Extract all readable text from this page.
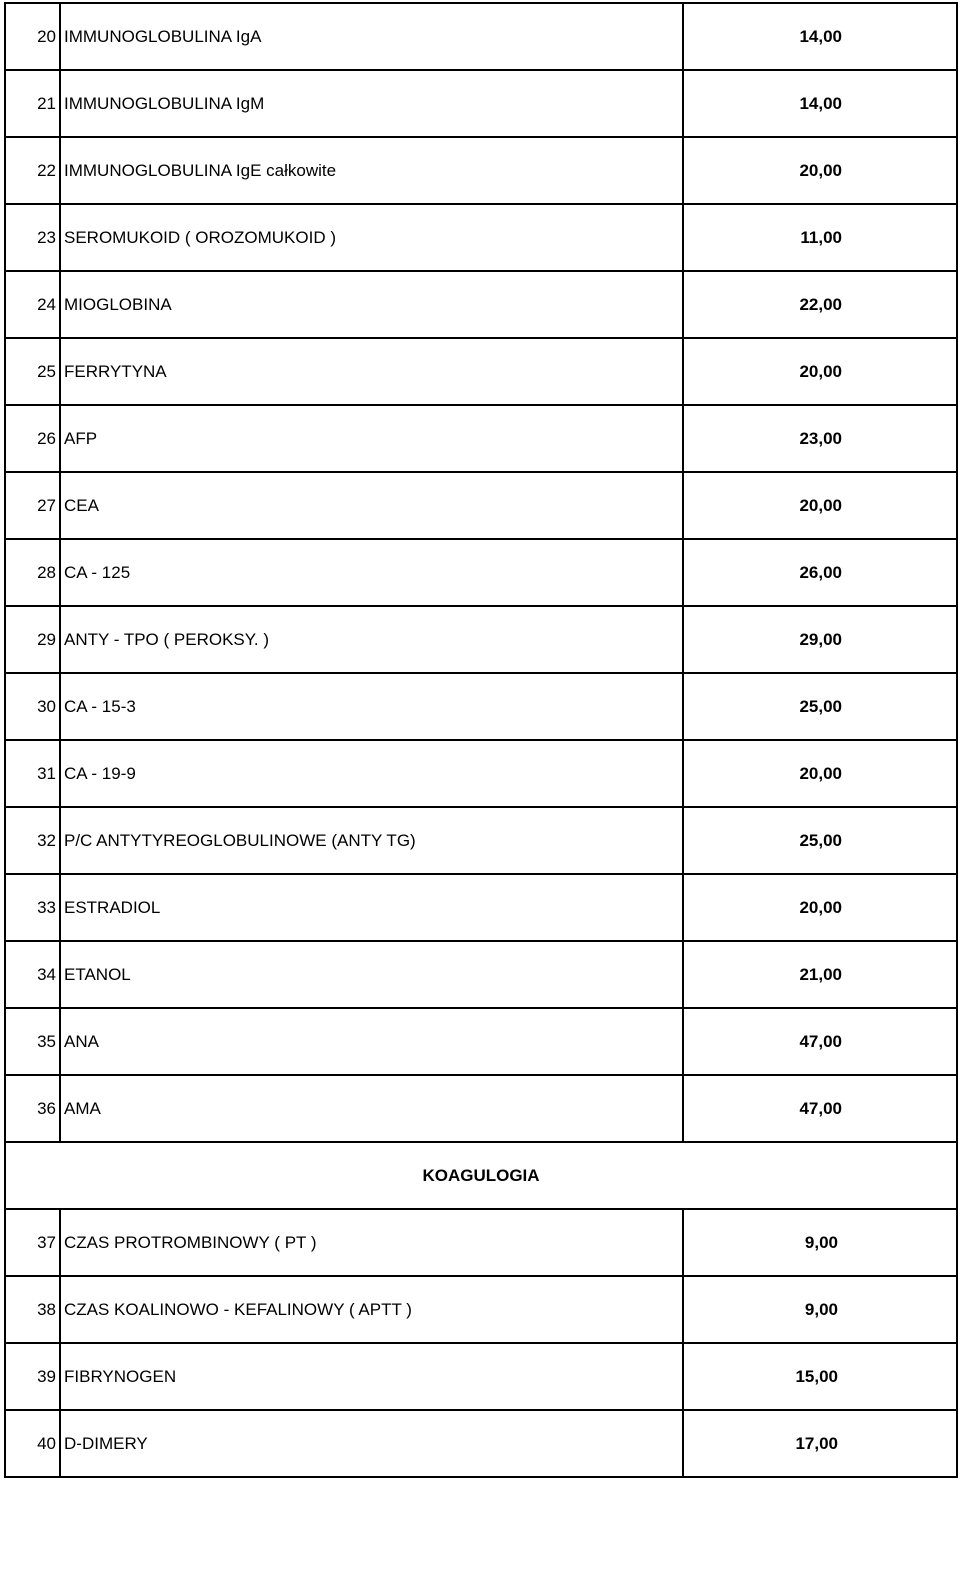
20	IMMUNOGLOBULINA IgA	14,00
21	IMMUNOGLOBULINA IgM	14,00
22	IMMUNOGLOBULINA IgE całkowite	20,00
23	SEROMUKOID ( OROZOMUKOID )	11,00
24	MIOGLOBINA	22,00
25	FERRYTYNA	20,00
26	AFP	23,00
27	CEA	20,00
28	CA - 125	26,00
29	ANTY - TPO ( PEROKSY. )	29,00
30	CA - 15-3	25,00
31	CA - 19-9	20,00
32	P/C ANTYTYREOGLOBULINOWE (ANTY TG)	25,00
33	ESTRADIOL	20,00
34	ETANOL	21,00
35	ANA	47,00
36	AMA	47,00
KOAGULOGIA		
37	CZAS PROTROMBINOWY ( PT )	9,00
38	CZAS KOALINOWO - KEFALINOWY ( APTT )	9,00
39	FIBRYNOGEN	15,00
40	D-DIMERY	17,00
